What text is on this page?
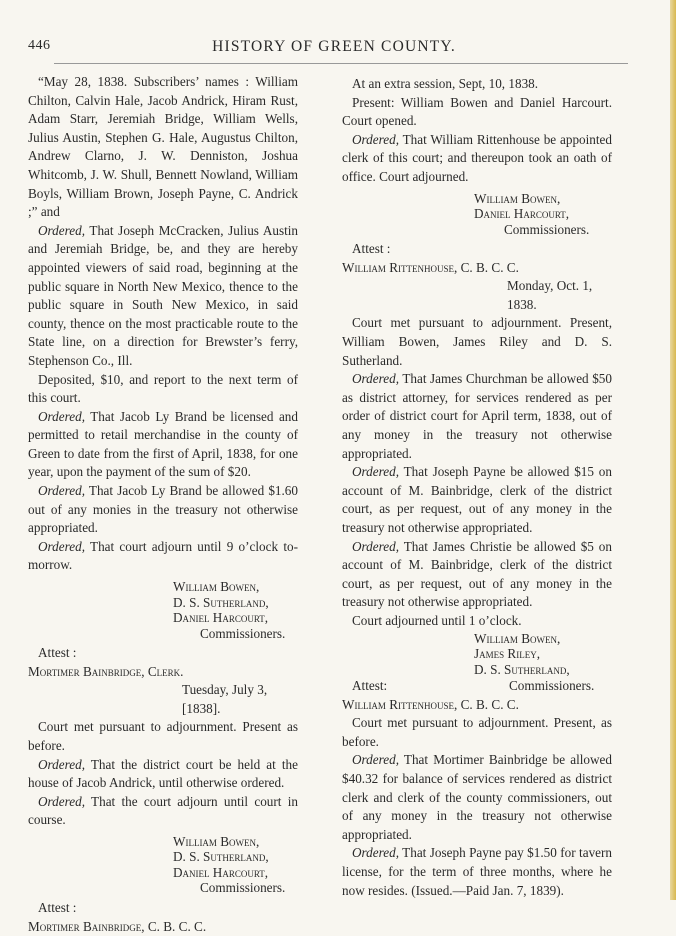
446	HISTORY OF GREEN COUNTY.

“May 28, 1838. Subscribers’ names : William Chilton, Calvin Hale, Jacob Andrick, Hiram Rust, Adam Starr, Jeremiah Bridge, William Wells, Julius Austin, Stephen G. Hale, Augustus Chilton, Andrew Clarno, J. W. Denniston, Joshua Whitcomb, J. W. Shull, Bennett Nowland, William Boyls, William Brown, Joseph Payne, C. Andrick ;” and

Ordered, That Joseph McCracken, Julius Austin and Jeremiah Bridge, be, and they are hereby appointed viewers of said road, beginning at the public square in North New Mexico, thence to the public square in South New Mexico, in said county, thence on the most practicable route to the State line, on a direction for Brewster’s ferry, Stephenson Co., Ill.

Deposited, $10, and report to the next term of this court.

Ordered, That Jacob Ly Brand be licensed and permitted to retail merchandise in the county of Green to date from the first of April, 1838, for one year, upon the payment of the sum of $20.

Ordered, That Jacob Ly Brand be allowed $1.60 out of any monies in the treasury not otherwise appropriated.

Ordered, That court adjourn until 9 o’clock to-morrow.

William Bowen,

D. S. Sutherland,

Daniel Harcourt,

Commissioners.

Attest :

Mortimer Bainbridge, Clerk.

Tuesday, July 3, [1838].

Court met pursuant to adjournment. Present as before.

Ordered, That the district court be held at the house of Jacob Andrick, until otherwise ordered.

Ordered, That the court adjourn until court in course.

William Bowen,

D. S. Sutherland,

Daniel Harcourt,

Commissioners.

Attest :

Mortimer Bainbridge, C. B. C. C.

At an extra session, Sept, 10, 1838.

Present: William Bowen and Daniel Harcourt. Court opened.

Ordered, That William Rittenhouse be appointed clerk of this court; and thereupon took an oath of office. Court adjourned.

William Bowen,

Daniel Harcourt,

Commissioners.

Attest :

William Rittenhouse, C. B. C. C.

Monday, Oct. 1, 1838.

Court met pursuant to adjournment. Present, William Bowen, James Riley and D. S. Sutherland.

Ordered, That James Churchman be allowed $50 as district attorney, for services rendered as per order of district court for April term, 1838, out of any money in the treasury not otherwise appropriated.

Ordered, That Joseph Payne be allowed $15 on account of M. Bainbridge, clerk of the district court, as per request, out of any money in the treasury not otherwise appropriated.

Ordered, That James Christie be allowed $5 on account of M. Bainbridge, clerk of the district court, as per request, out of any money in the treasury not otherwise appropriated.

Court adjourned until 1 o’clock.

William Bowen,

James Riley,

D. S. Sutherland,

Attest:	Commissioners.

William Rittenhouse, C. B. C. C.

Court met pursuant to adjournment. Present, as before.

Ordered, That Mortimer Bainbridge be allowed $40.32 for balance of services rendered as district clerk and clerk of the county commissioners, out of any money in the treasury not otherwise appropriated.

Ordered, That Joseph Payne pay $1.50 for tavern license, for the term of three months, where he now resides. (Issued.—Paid Jan. 7, 1839).
